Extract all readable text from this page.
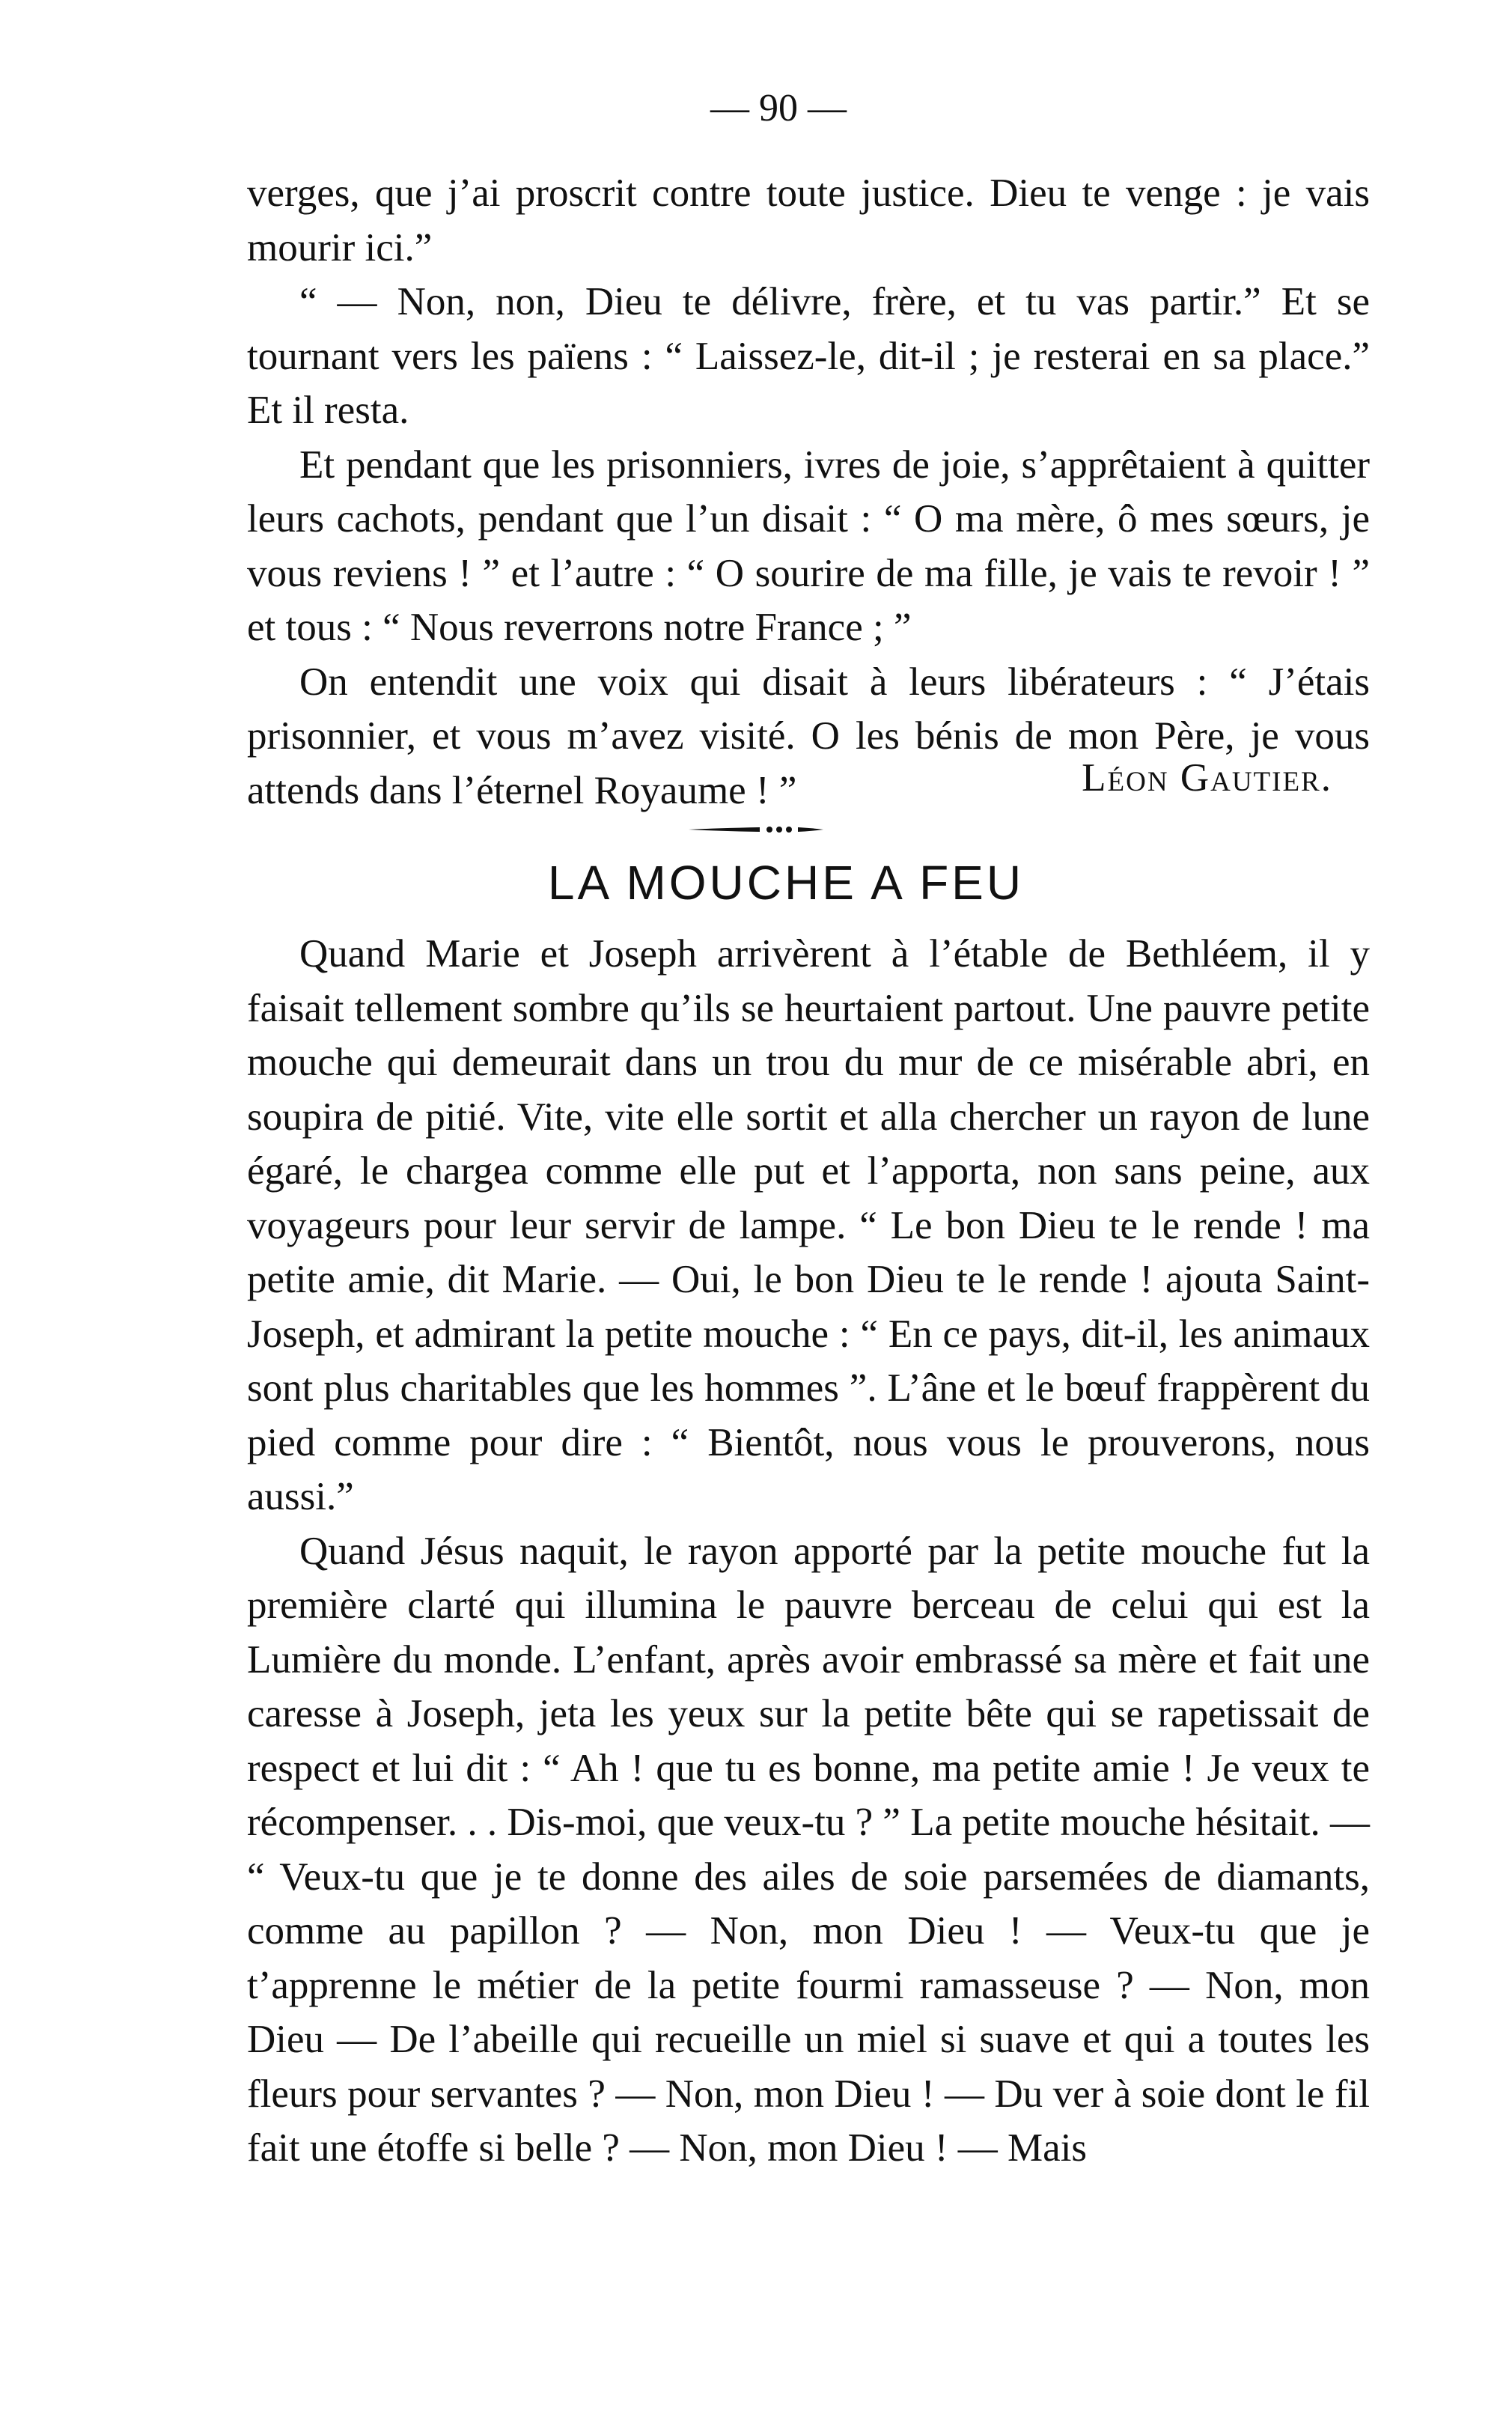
— 90 —

verges, que j’ai proscrit contre toute justice. Dieu te venge : je vais mourir ici.”

“ — Non, non, Dieu te délivre, frère, et tu vas partir.” Et se tournant vers les païens : “ Laissez-le, dit-il ; je resterai en sa place.” Et il resta.

Et pendant que les prisonniers, ivres de joie, s’apprêtaient à quitter leurs cachots, pendant que l’un disait : “ O ma mère, ô mes sœurs, je vous reviens ! ” et l’autre : “ O sourire de ma fille, je vais te revoir ! ” et tous : “ Nous reverrons notre France ; ”

On entendit une voix qui disait à leurs libérateurs : “ J’étais prisonnier, et vous m’avez visité. O les bénis de mon Père, je vous attends dans l’éternel Royaume ! ”	Léon Gautier.
LA MOUCHE A FEU

Quand Marie et Joseph arrivèrent à l’étable de Bethléem, il y faisait tellement sombre qu’ils se heurtaient partout. Une pauvre petite mouche qui demeurait dans un trou du mur de ce misérable abri, en soupira de pitié. Vite, vite elle sortit et alla chercher un rayon de lune égaré, le chargea comme elle put et l’apporta, non sans peine, aux voyageurs pour leur servir de lampe. “ Le bon Dieu te le rende ! ma petite amie, dit Marie. — Oui, le bon Dieu te le rende ! ajouta Saint-Joseph, et admirant la petite mouche : “ En ce pays, dit-il, les animaux sont plus charitables que les hommes ”. L’âne et le bœuf frappèrent du pied comme pour dire : “ Bientôt, nous vous le prouverons, nous aussi.”

Quand Jésus naquit, le rayon apporté par la petite mouche fut la première clarté qui illumina le pauvre berceau de celui qui est la Lumière du monde. L’enfant, après avoir embrassé sa mère et fait une caresse à Joseph, jeta les yeux sur la petite bête qui se rapetissait de respect et lui dit : “ Ah ! que tu es bonne, ma petite amie ! Je veux te récompenser. . . Dis-moi, que veux-tu ? ” La petite mouche hésitait. — “ Veux-tu que je te donne des ailes de soie parsemées de diamants, comme au papillon ? — Non, mon Dieu ! — Veux-tu que je t’apprenne le métier de la petite fourmi ramasseuse ? — Non, mon Dieu — De l’abeille qui recueille un miel si suave et qui a toutes les fleurs pour servantes ? — Non, mon Dieu ! — Du ver à soie dont le fil fait une étoffe si belle ? — Non, mon Dieu ! — Mais
